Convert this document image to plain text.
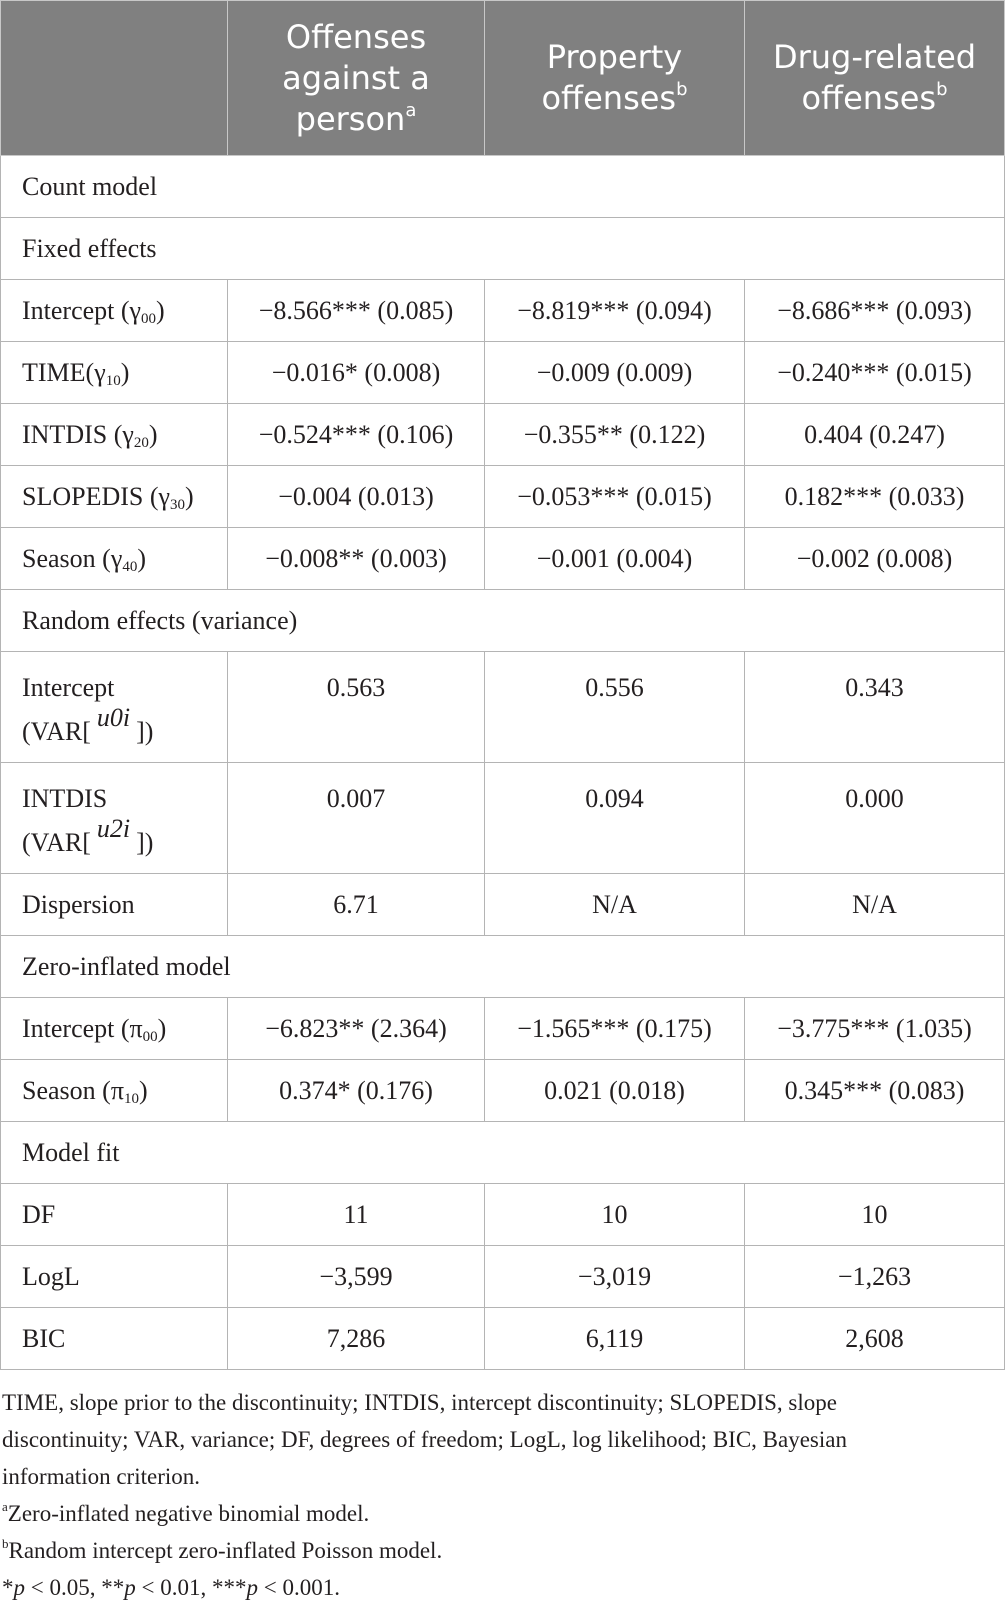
	Offenses against a person$^a$	Property offenses$^b$	Drug-related offenses$^b$
Count model			
Fixed effects			
Intercept $(\gamma_{00})$	−8.566*** (0.085)	−8.819*** (0.094)	−8.686*** (0.093)
$TIME(\gamma_{10})$	−0.016* (0.008)	−0.009 (0.009)	−0.240*** (0.015)
INTDIS $(\gamma_{20})$	−0.524*** (0.106)	−0.355** (0.122)	0.404 (0.247)
SLOPEDIS $(\gamma_{30})$	−0.004 (0.013)	−0.053*** (0.015)	0.182*** (0.033)
Season $(\gamma_{40})$	−0.008** (0.003)	−0.001 (0.004)	−0.002 (0.008)
Random effects (variance)			
Intercept
(VAR[ u0i ])	0.563	0.556	0.343
INTDIS
(VAR[ u2i ])	0.007	0.094	0.000
Dispersion	6.71	N/A	N/A
Zero-inflated model			
Intercept $(\pi_{00})$	−6.823** (2.364)	−1.565*** (0.175)	−3.775*** (1.035)
Season $(\pi_{10})$	0.374* (0.176)	0.021 (0.018)	0.345*** (0.083)
Model fit			
DF	11	10	10
LogL	−3,599	−3,019	−1,263
BIC	7,286	6,119	2,608
TIME, slope prior to the discontinuity; INTDIS, intercept discontinuity; SLOPEDIS, slope
discontinuity; VAR, variance; DF, degrees of freedom; LogL, log likelihood; BIC, Bayesian
information criterion.
$^a$Zero-inflated negative binomial model.
$^b$Random intercept zero-inflated Poisson model.
*p < 0.05, **p < 0.01, ***p < 0.001.
